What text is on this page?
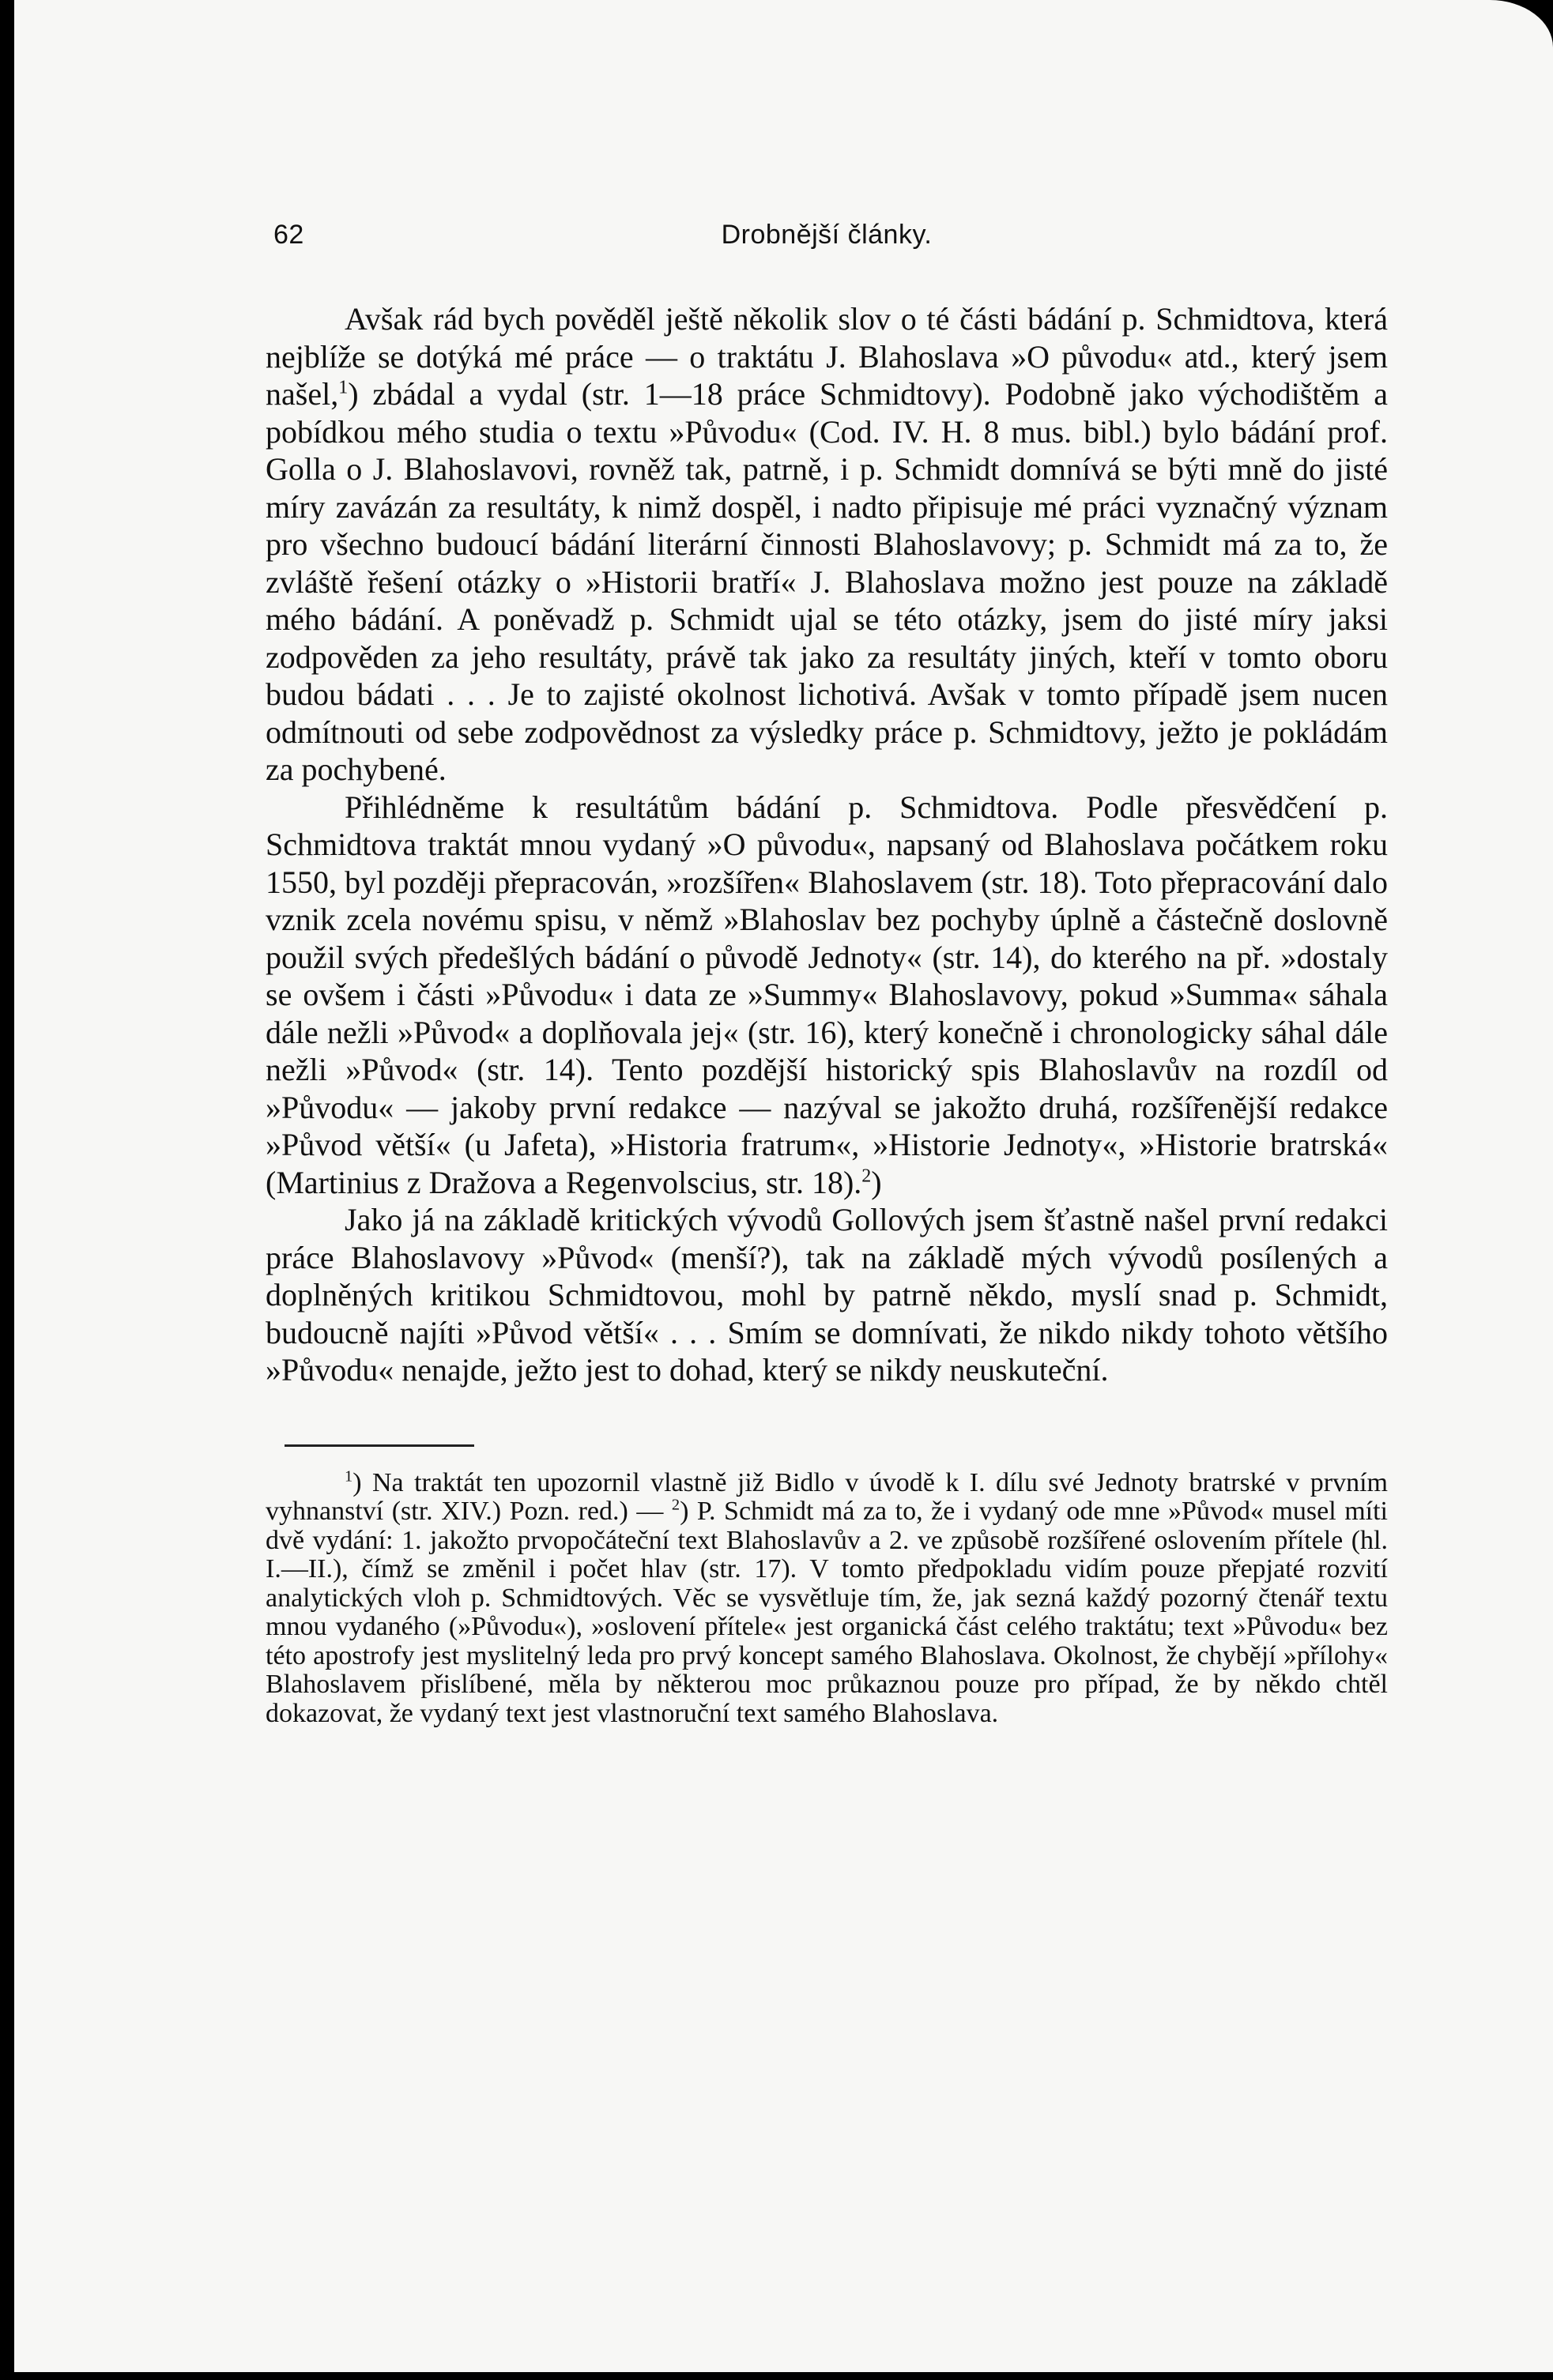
62	Drobnější články.

Avšak rád bych pověděl ještě několik slov o té části bádání p. Schmidtova, která nejblíže se dotýká mé práce — o traktátu J. Blahoslava »O původu« atd., který jsem našel,$^1$) zbádal a vydal (str. 1—18 práce Schmidtovy). Podobně jako východištěm a pobídkou mého studia o textu »Původu« (Cod. IV. H. 8 mus. bibl.) bylo bádání prof. Golla o J. Blahoslavovi, rovněž tak, patrně, i p. Schmidt domnívá se býti mně do jisté míry zavázán za resultáty, k nimž dospěl, i nadto připisuje mé práci vyznačný význam pro všechno budoucí bádání literární činnosti Blahoslavovy; p. Schmidt má za to, že zvláště řešení otázky o »Historii bratří« J. Blahoslava možno jest pouze na základě mého bádání. A poněvadž p. Schmidt ujal se této otázky, jsem do jisté míry jaksi zodpověden za jeho resultáty, právě tak jako za resultáty jiných, kteří v tomto oboru budou bádati . . . Je to zajisté okolnost lichotivá. Avšak v tomto případě jsem nucen odmítnouti od sebe zodpovědnost za výsledky práce p. Schmidtovy, ježto je pokládám za pochybené.

Přihlédněme k resultátům bádání p. Schmidtova. Podle přesvědčení p. Schmidtova traktát mnou vydaný »O původu«, napsaný od Blahoslava počátkem roku 1550, byl později přepracován, »rozšířen« Blahoslavem (str. 18). Toto přepracování dalo vznik zcela novému spisu, v němž »Blahoslav bez pochyby úplně a částečně doslovně použil svých předešlých bádání o původě Jednoty« (str. 14), do kterého na př. »dostaly se ovšem i části »Původu« i data ze »Summy« Blahoslavovy, pokud »Summa« sáhala dále nežli »Původ« a doplňovala jej« (str. 16), který konečně i chronologicky sáhal dále nežli »Původ« (str. 14). Tento pozdější historický spis Blahoslavův na rozdíl od »Původu« — jakoby první redakce — nazýval se jakožto druhá, rozšířenější redakce »Původ větší« (u Jafeta), »Historia fratrum«, »Historie Jednoty«, »Historie bratrská« (Martinius z Dražova a Regenvolscius, str. 18).$^2$)

Jako já na základě kritických vývodů Gollových jsem šťastně našel první redakci práce Blahoslavovy »Původ« (menší?), tak na základě mých vývodů posílených a doplněných kritikou Schmidtovou, mohl by patrně někdo, myslí snad p. Schmidt, budoucně najíti »Původ větší« . . . Smím se domnívati, že nikdo nikdy tohoto většího »Původu« nenajde, ježto jest to dohad, který se nikdy neuskuteční.

$^1$) Na traktát ten upozornil vlastně již Bidlo v úvodě k I. dílu své Jednoty bratrské v prvním vyhnanství (str. XIV.) Pozn. red.) — $^2$) P. Schmidt má za to, že i vydaný ode mne »Původ« musel míti dvě vydání: 1. jakožto prvopočáteční text Blahoslavův a 2. ve způsobě rozšířené oslovením přítele (hl. I.—II.), čímž se změnil i počet hlav (str. 17). V tomto předpokladu vidím pouze přepjaté rozvití analytických vloh p. Schmidtových. Věc se vysvětluje tím, že, jak sezná každý pozorný čtenář textu mnou vydaného (»Původu«), »oslovení přítele« jest organická část celého traktátu; text »Původu« bez této apostrofy jest myslitelný leda pro prvý koncept samého Blahoslava. Okolnost, že chybějí »přílohy« Blahoslavem přislíbené, měla by některou moc průkaznou pouze pro případ, že by někdo chtěl dokazovat, že vydaný text jest vlastnoruční text samého Blahoslava.
